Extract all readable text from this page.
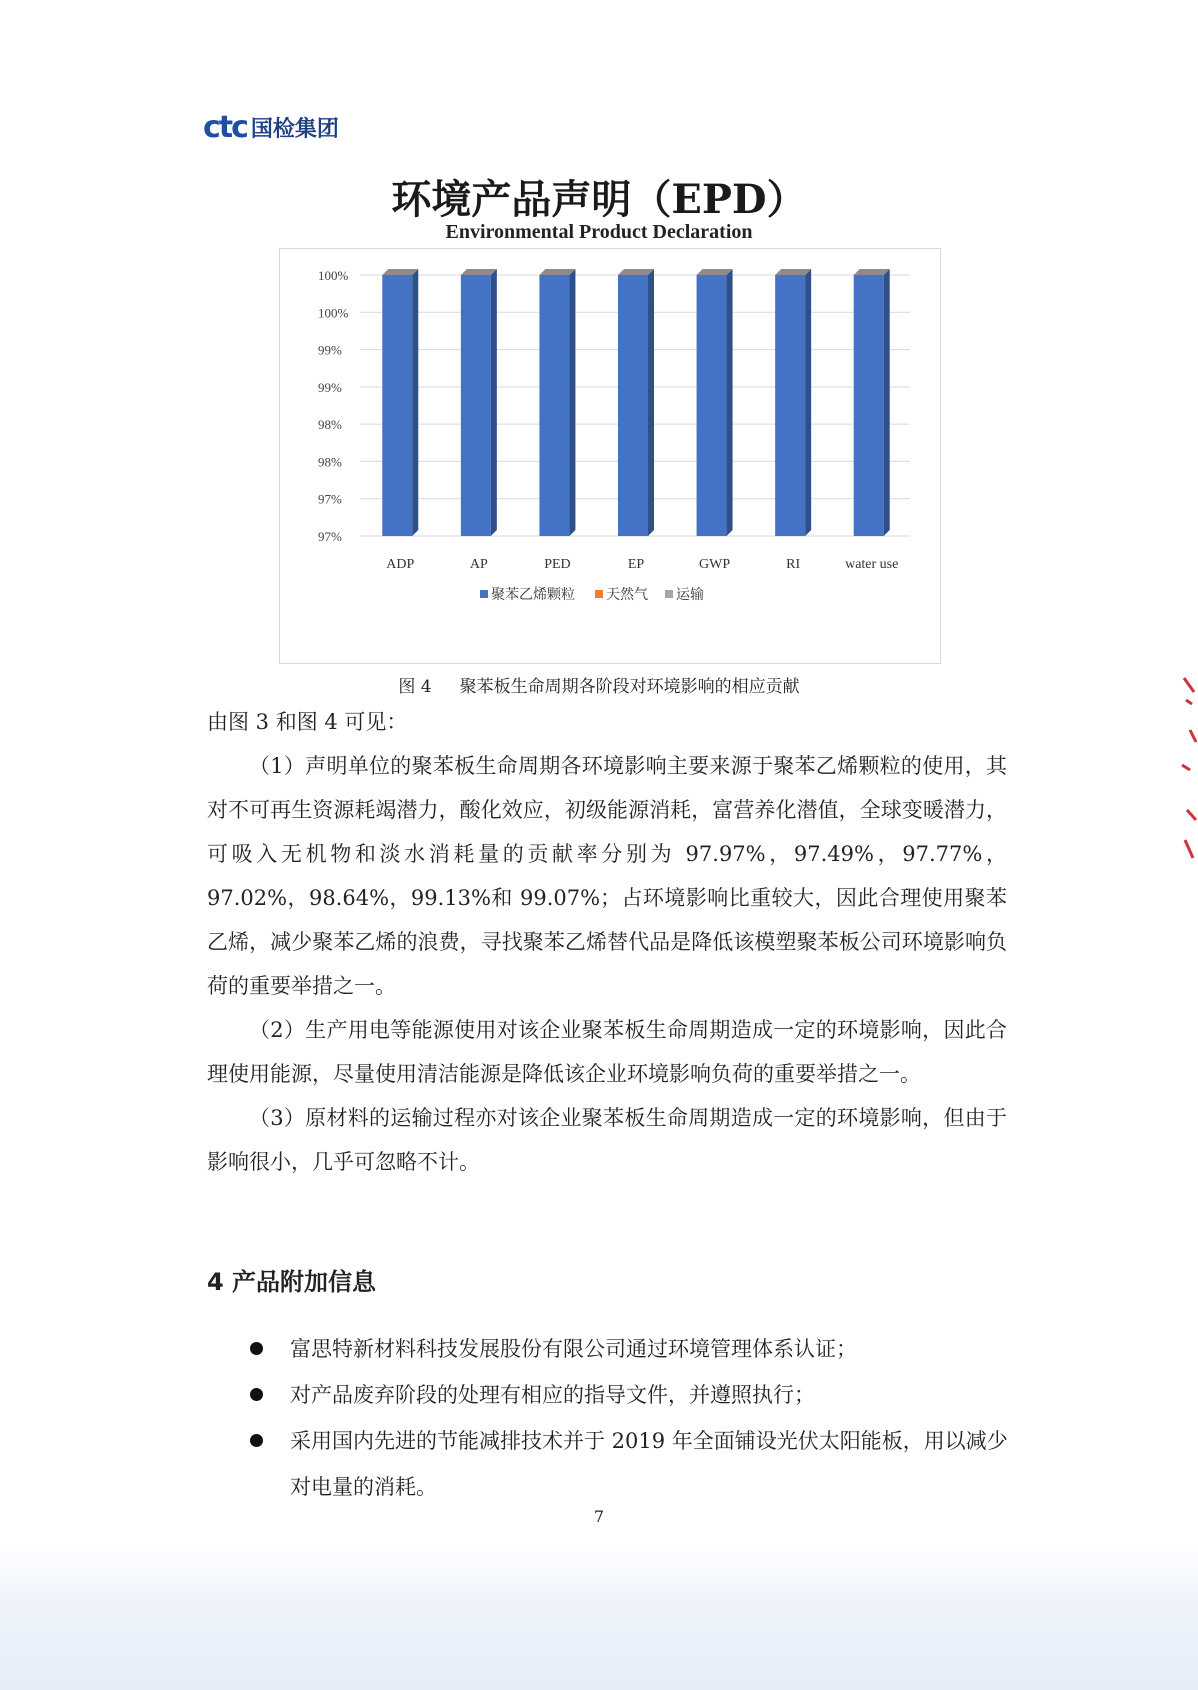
ctc 国检集团
环境产品声明（EPD）
Environmental Product Declaration
97%
97%
98%
98%
99%
99%
100%
100%
ADP	AP	PED	EP	GWP	RI	water use
聚苯乙烯颗粒 天然气 运输
图 4 聚苯板生命周期各阶段对环境影响的相应贡献

由图 3 和图 4 可见：

（1）声明单位的聚苯板生命周期各环境影响主要来源于聚苯乙烯颗粒的使用，其对不可再生资源耗竭潜力，酸化效应，初级能源消耗，富营养化潜值，全球变暖潜力，可吸入无机物和淡水消耗量的贡献率分别为 97.97%，97.49%，97.77%，97.02%，98.64%，99.13%和 99.07%；占环境影响比重较大，因此合理使用聚苯乙烯，减少聚苯乙烯的浪费，寻找聚苯乙烯替代品是降低该模塑聚苯板公司环境影响负荷的重要举措之一。

（2）生产用电等能源使用对该企业聚苯板生命周期造成一定的环境影响，因此合理使用能源，尽量使用清洁能源是降低该企业环境影响负荷的重要举措之一。

（3）原材料的运输过程亦对该企业聚苯板生命周期造成一定的环境影响，但由于影响很小，几乎可忽略不计。

4 产品附加信息
富思特新材料科技发展股份有限公司通过环境管理体系认证；
对产品废弃阶段的处理有相应的指导文件，并遵照执行；
采用国内先进的节能减排技术并于 2019 年全面铺设光伏太阳能板，用以减少对电量的消耗。
7
